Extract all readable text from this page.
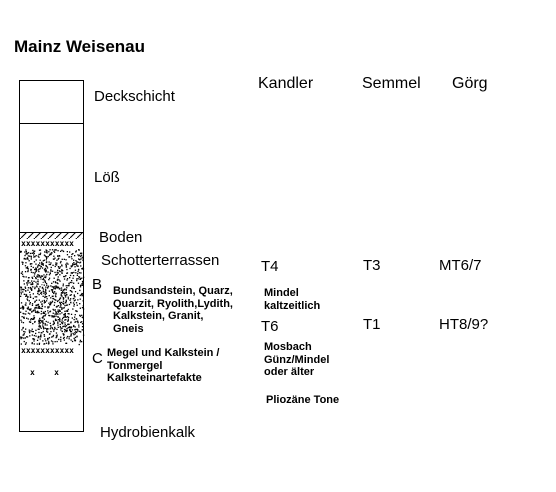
Mainz Weisenau
Kandler	Semmel Görg
xxxxxxxxxxx
xxxxxxxxxxx
x    x
B
Deckschicht
Löß
Boden
Schotterterrassen
Hydrobienkalk
B
C
Bundsandstein, Quarz,
Quarzit, Ryolith,Lydith,
Kalkstein, Granit,
Gneis
Megel und Kalkstein /
Tonmergel
Kalksteinartefakte
Mindel
kaltzeitlich
Mosbach
Günz/Mindel
oder älter
Pliozäne Tone
T4	T3	MT6/7
T6	T1	HT8/9?
